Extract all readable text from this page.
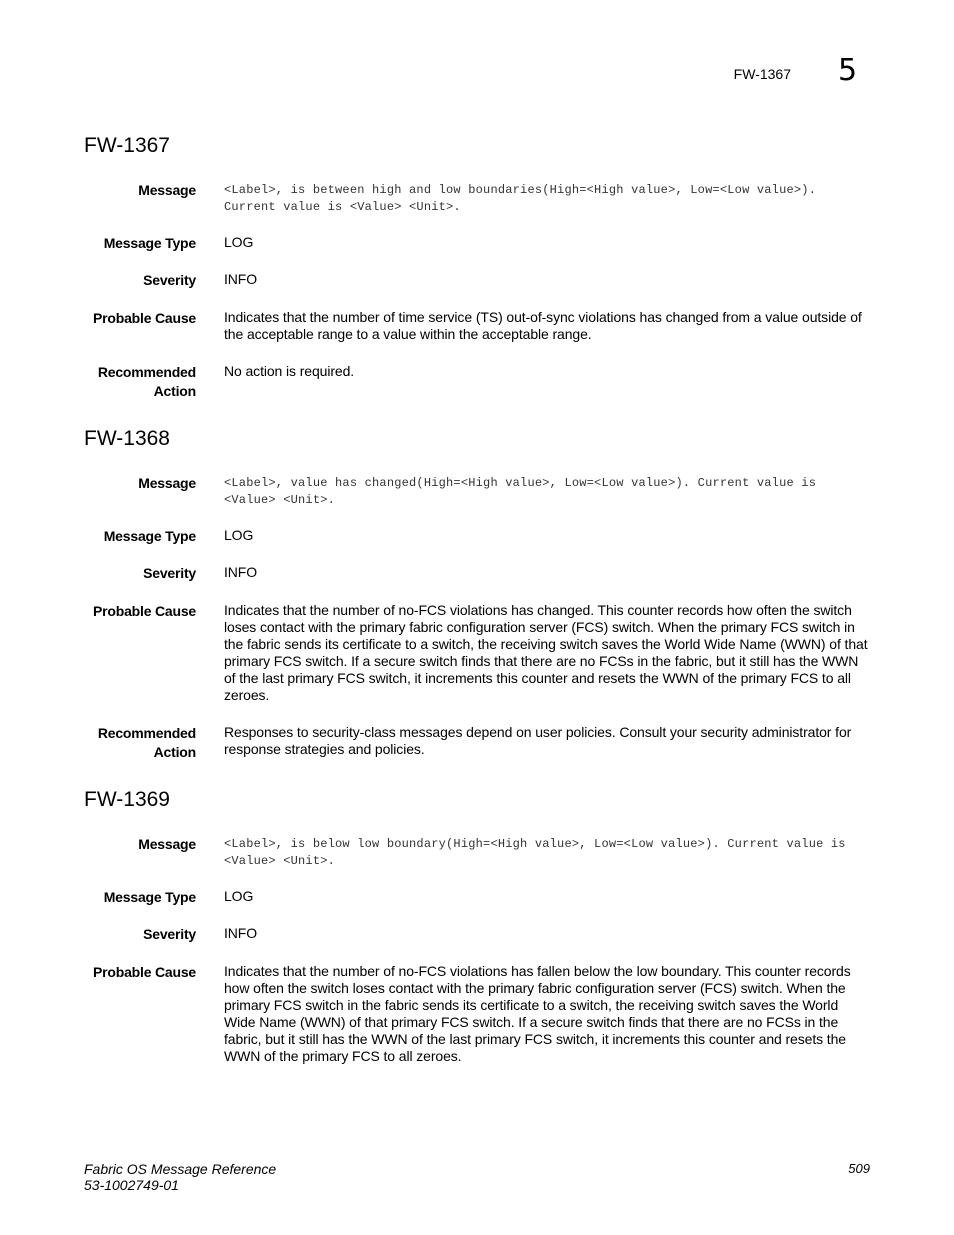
FW-1367 5
FW-1367
Message <Label>, is between high and low boundaries(High=<High value>, Low=<Low value>). Current value is <Value> <Unit>.
Message Type LOG
Severity INFO
Probable Cause Indicates that the number of time service (TS) out-of-sync violations has changed from a value outside of the acceptable range to a value within the acceptable range.
Recommended
Action
No action is required.
FW-1368
Message <Label>, value has changed(High=<High value>, Low=<Low value>). Current value is <Value> <Unit>.
Message Type LOG
Severity INFO
Probable Cause Indicates that the number of no-FCS violations has changed. This counter records how often the switch loses contact with the primary fabric configuration server (FCS) switch. When the primary FCS switch in the fabric sends its certificate to a switch, the receiving switch saves the World Wide Name (WWN) of that primary FCS switch. If a secure switch finds that there are no FCSs in the fabric, but it still has the WWN of the last primary FCS switch, it increments this counter and resets the WWN of the primary FCS to all zeroes.
Recommended
Action
Responses to security-class messages depend on user policies. Consult your security administrator for response strategies and policies.
FW-1369
Message <Label>, is below low boundary(High=<High value>, Low=<Low value>). Current value is <Value> <Unit>.
Message Type LOG
Severity INFO
Probable Cause Indicates that the number of no-FCS violations has fallen below the low boundary. This counter records how often the switch loses contact with the primary fabric configuration server (FCS) switch. When the primary FCS switch in the fabric sends its certificate to a switch, the receiving switch saves the World Wide Name (WWN) of that primary FCS switch. If a secure switch finds that there are no FCSs in the fabric, but it still has the WWN of the last primary FCS switch, it increments this counter and resets the WWN of the primary FCS to all zeroes.
Fabric OS Message Reference
53-1002749-01
509
